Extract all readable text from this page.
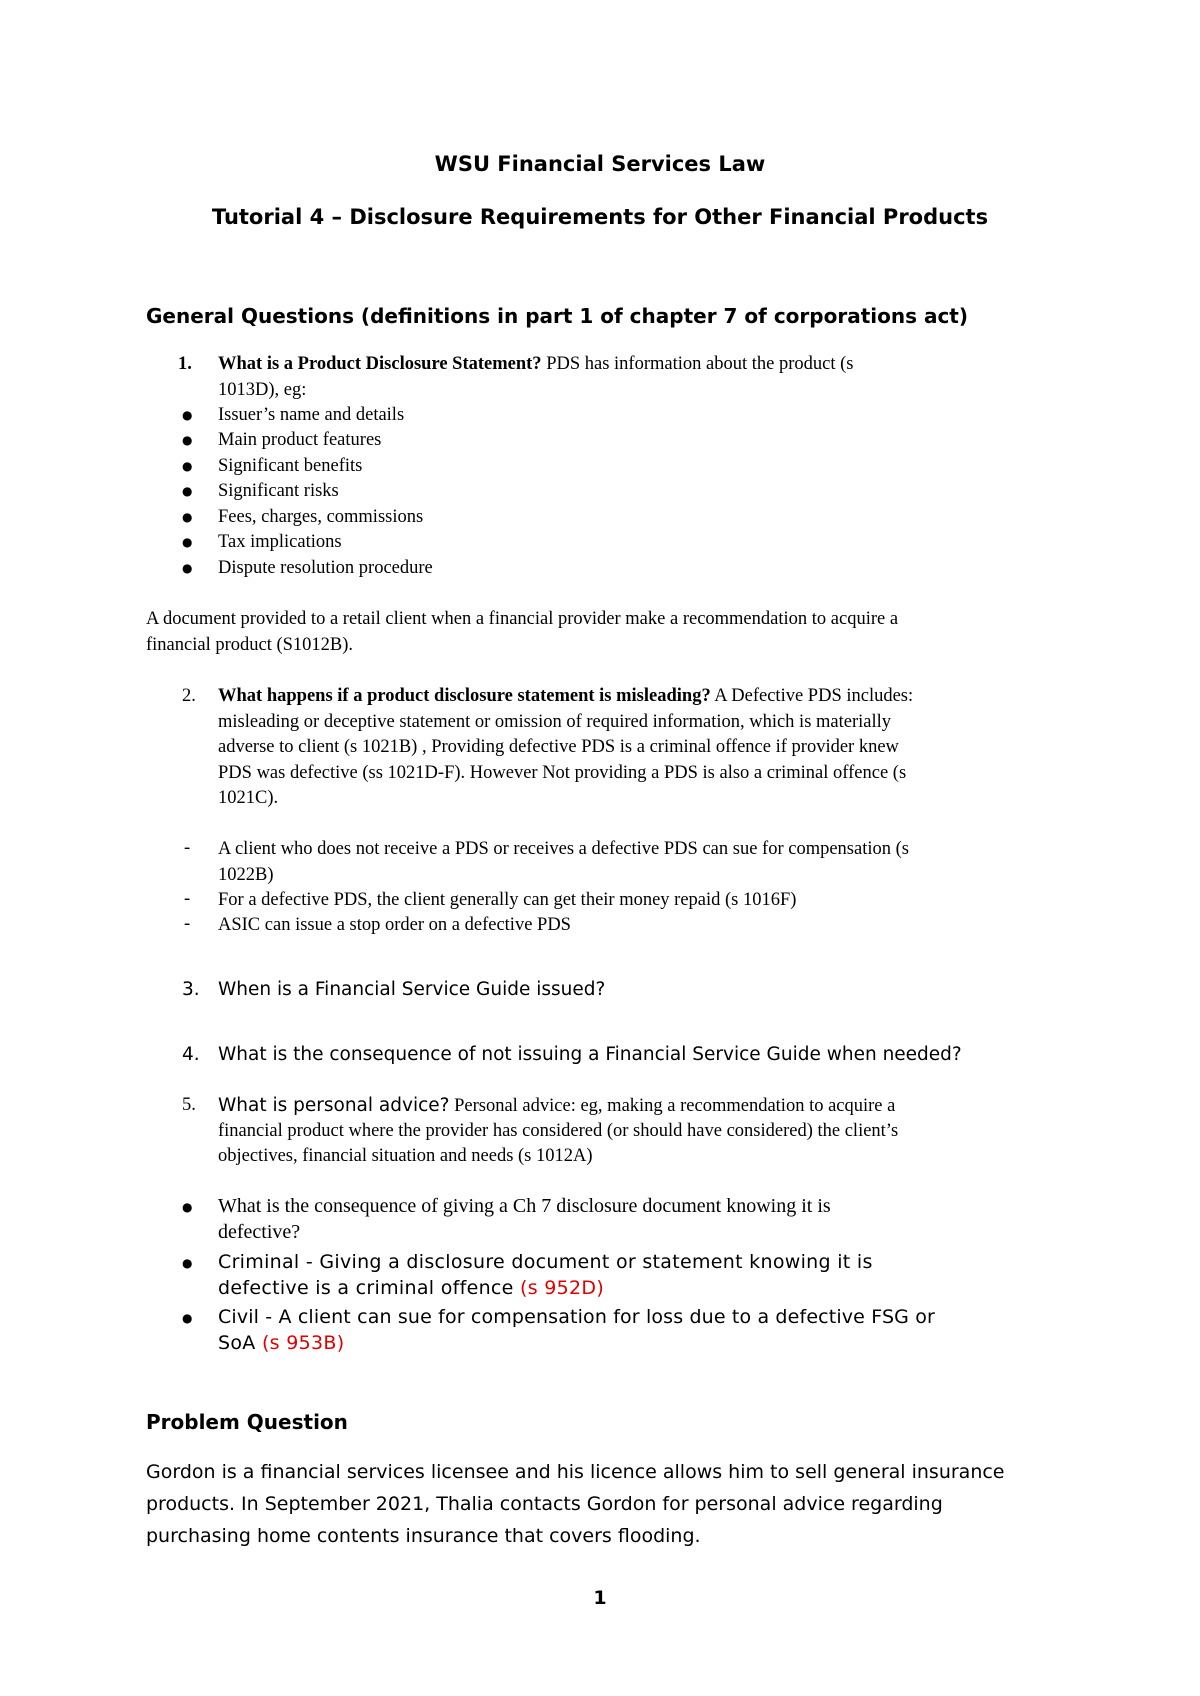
WSU Financial Services Law
Tutorial 4 – Disclosure Requirements for Other Financial Products
General Questions (definitions in part 1 of chapter 7 of corporations act)
1. What is a Product Disclosure Statement? PDS has information about the product (s
1013D), eg:
● Issuer’s name and details
● Main product features
● Significant benefits
● Significant risks
● Fees, charges, commissions
● Tax implications
● Dispute resolution procedure
A document provided to a retail client when a financial provider make a recommendation to acquire a
financial product (S1012B).
2. What happens if a product disclosure statement is misleading? A Defective PDS includes:
misleading or deceptive statement or omission of required information, which is materially
adverse to client (s 1021B) , Providing defective PDS is a criminal offence if provider knew
PDS was defective (ss 1021D-F). However Not providing a PDS is also a criminal offence (s
1021C).
- A client who does not receive a PDS or receives a defective PDS can sue for compensation (s
1022B)
- For a defective PDS, the client generally can get their money repaid (s 1016F)
- ASIC can issue a stop order on a defective PDS
3. When is a Financial Service Guide issued?
4. What is the consequence of not issuing a Financial Service Guide when needed?
5. What is personal advice? Personal advice: eg, making a recommendation to acquire a
financial product where the provider has considered (or should have considered) the client’s
objectives, financial situation and needs (s 1012A)
● What is the consequence of giving a Ch 7 disclosure document knowing it is
defective?
● Criminal - Giving a disclosure document or statement knowing it is
defective is a criminal offence (s 952D)
● Civil - A client can sue for compensation for loss due to a defective FSG or
SoA (s 953B)
Problem Question
Gordon is a financial services licensee and his licence allows him to sell general insurance
products. In September 2021, Thalia contacts Gordon for personal advice regarding
purchasing home contents insurance that covers flooding.
1
